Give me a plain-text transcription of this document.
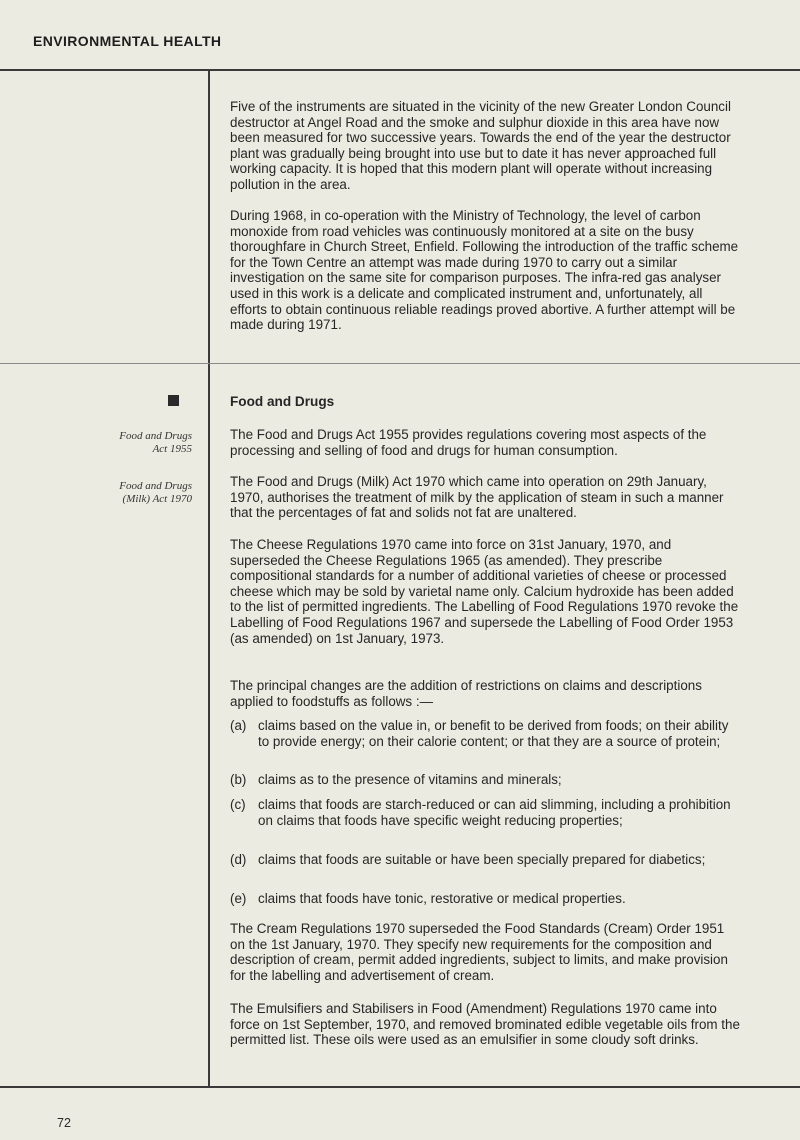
ENVIRONMENTAL HEALTH

Five of the instruments are situated in the vicinity of the new Greater London Council destructor at Angel Road and the smoke and sulphur dioxide in this area have now been measured for two successive years. Towards the end of the year the destructor plant was gradually being brought into use but to date it has never approached full working capacity. It is hoped that this modern plant will operate without increasing pollution in the area.

During 1968, in co-operation with the Ministry of Technology, the level of carbon monoxide from road vehicles was continuously monitored at a site on the busy thoroughfare in Church Street, Enfield. Following the introduction of the traffic scheme for the Town Centre an attempt was made during 1970 to carry out a similar investigation on the same site for comparison purposes. The infra-red gas analyser used in this work is a delicate and complicated instrument and, unfortunately, all efforts to obtain continuous reliable readings proved abortive. A further attempt will be made during 1971.

Food and Drugs
Food and Drugs
Act 1955
Food and Drugs
(Milk) Act 1970

The Food and Drugs Act 1955 provides regulations covering most aspects of the processing and selling of food and drugs for human consumption.

The Food and Drugs (Milk) Act 1970 which came into operation on 29th January, 1970, authorises the treatment of milk by the application of steam in such a manner that the percentages of fat and solids not fat are unaltered.

The Cheese Regulations 1970 came into force on 31st January, 1970, and superseded the Cheese Regulations 1965 (as amended). They prescribe compositional standards for a number of additional varieties of cheese or processed cheese which may be sold by varietal name only. Calcium hydroxide has been added to the list of permitted ingredients. The Labelling of Food Regulations 1970 revoke the Labelling of Food Regulations 1967 and supersede the Labelling of Food Order 1953 (as amended) on 1st January, 1973.

The principal changes are the addition of restrictions on claims and descriptions applied to foodstuffs as follows :—

(a) claims based on the value in, or benefit to be derived from foods; on their ability to provide energy; on their calorie content; or that they are a source of protein;
(b) claims as to the presence of vitamins and minerals;
(c) claims that foods are starch-reduced or can aid slimming, including a prohibition on claims that foods have specific weight reducing properties;
(d) claims that foods are suitable or have been specially prepared for diabetics;
(e) claims that foods have tonic, restorative or medical properties.

The Cream Regulations 1970 superseded the Food Standards (Cream) Order 1951 on the 1st January, 1970. They specify new requirements for the composition and description of cream, permit added ingredients, subject to limits, and make provision for the labelling and advertisement of cream.

The Emulsifiers and Stabilisers in Food (Amendment) Regulations 1970 came into force on 1st September, 1970, and removed brominated edible vegetable oils from the permitted list. These oils were used as an emulsifier in some cloudy soft drinks.

72
